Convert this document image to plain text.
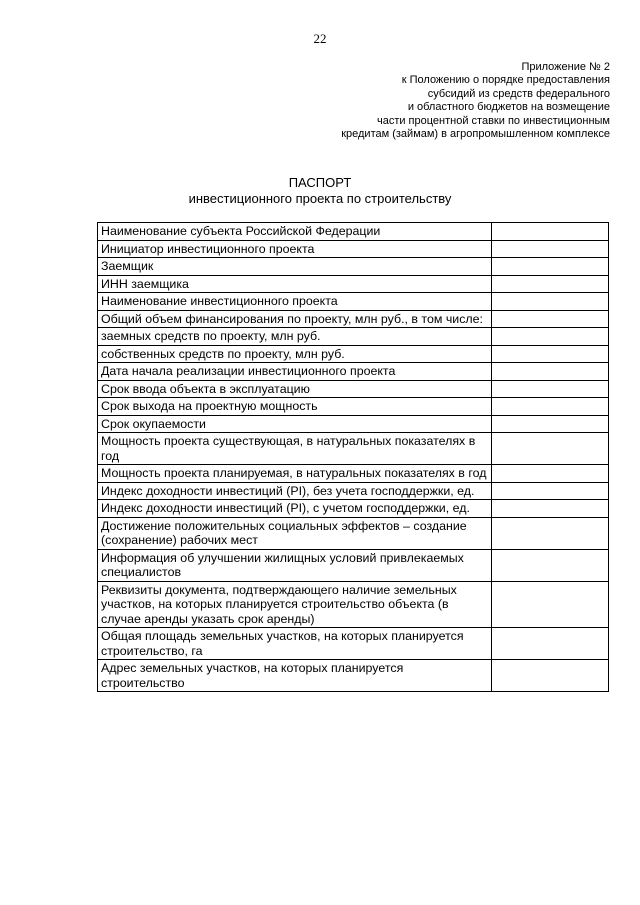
22
Приложение № 2
к Положению о порядке предоставления
субсидий из средств федерального
и областного бюджетов на возмещение
части процентной ставки по инвестиционным
кредитам (займам) в агропромышленном комплексе
ПАСПОРТ
инвестиционного проекта по строительству
Наименование субъекта Российской Федерации	
Инициатор инвестиционного проекта	
Заемщик	
ИНН заемщика	
Наименование инвестиционного проекта	
Общий объем финансирования по проекту, млн руб., в том числе:	
заемных средств по проекту, млн руб.	
собственных средств по проекту, млн руб.	
Дата начала реализации инвестиционного проекта	
Срок ввода объекта в эксплуатацию	
Срок выхода на проектную мощность	
Срок окупаемости	
Мощность проекта существующая, в натуральных показателях в год	
Мощность проекта планируемая, в натуральных показателях в год	
Индекс доходности инвестиций (PI), без учета господдержки, ед.	
Индекс доходности инвестиций (PI), с учетом господдержки, ед.	
Достижение положительных социальных эффектов – создание (сохранение) рабочих мест	
Информация об улучшении жилищных условий привлекаемых специалистов	
Реквизиты документа, подтверждающего наличие земельных участков, на которых планируется строительство объекта (в случае аренды указать срок аренды)	
Общая площадь земельных участков, на которых планируется строительство, га	
Адрес земельных участков, на которых планируется строительство	
